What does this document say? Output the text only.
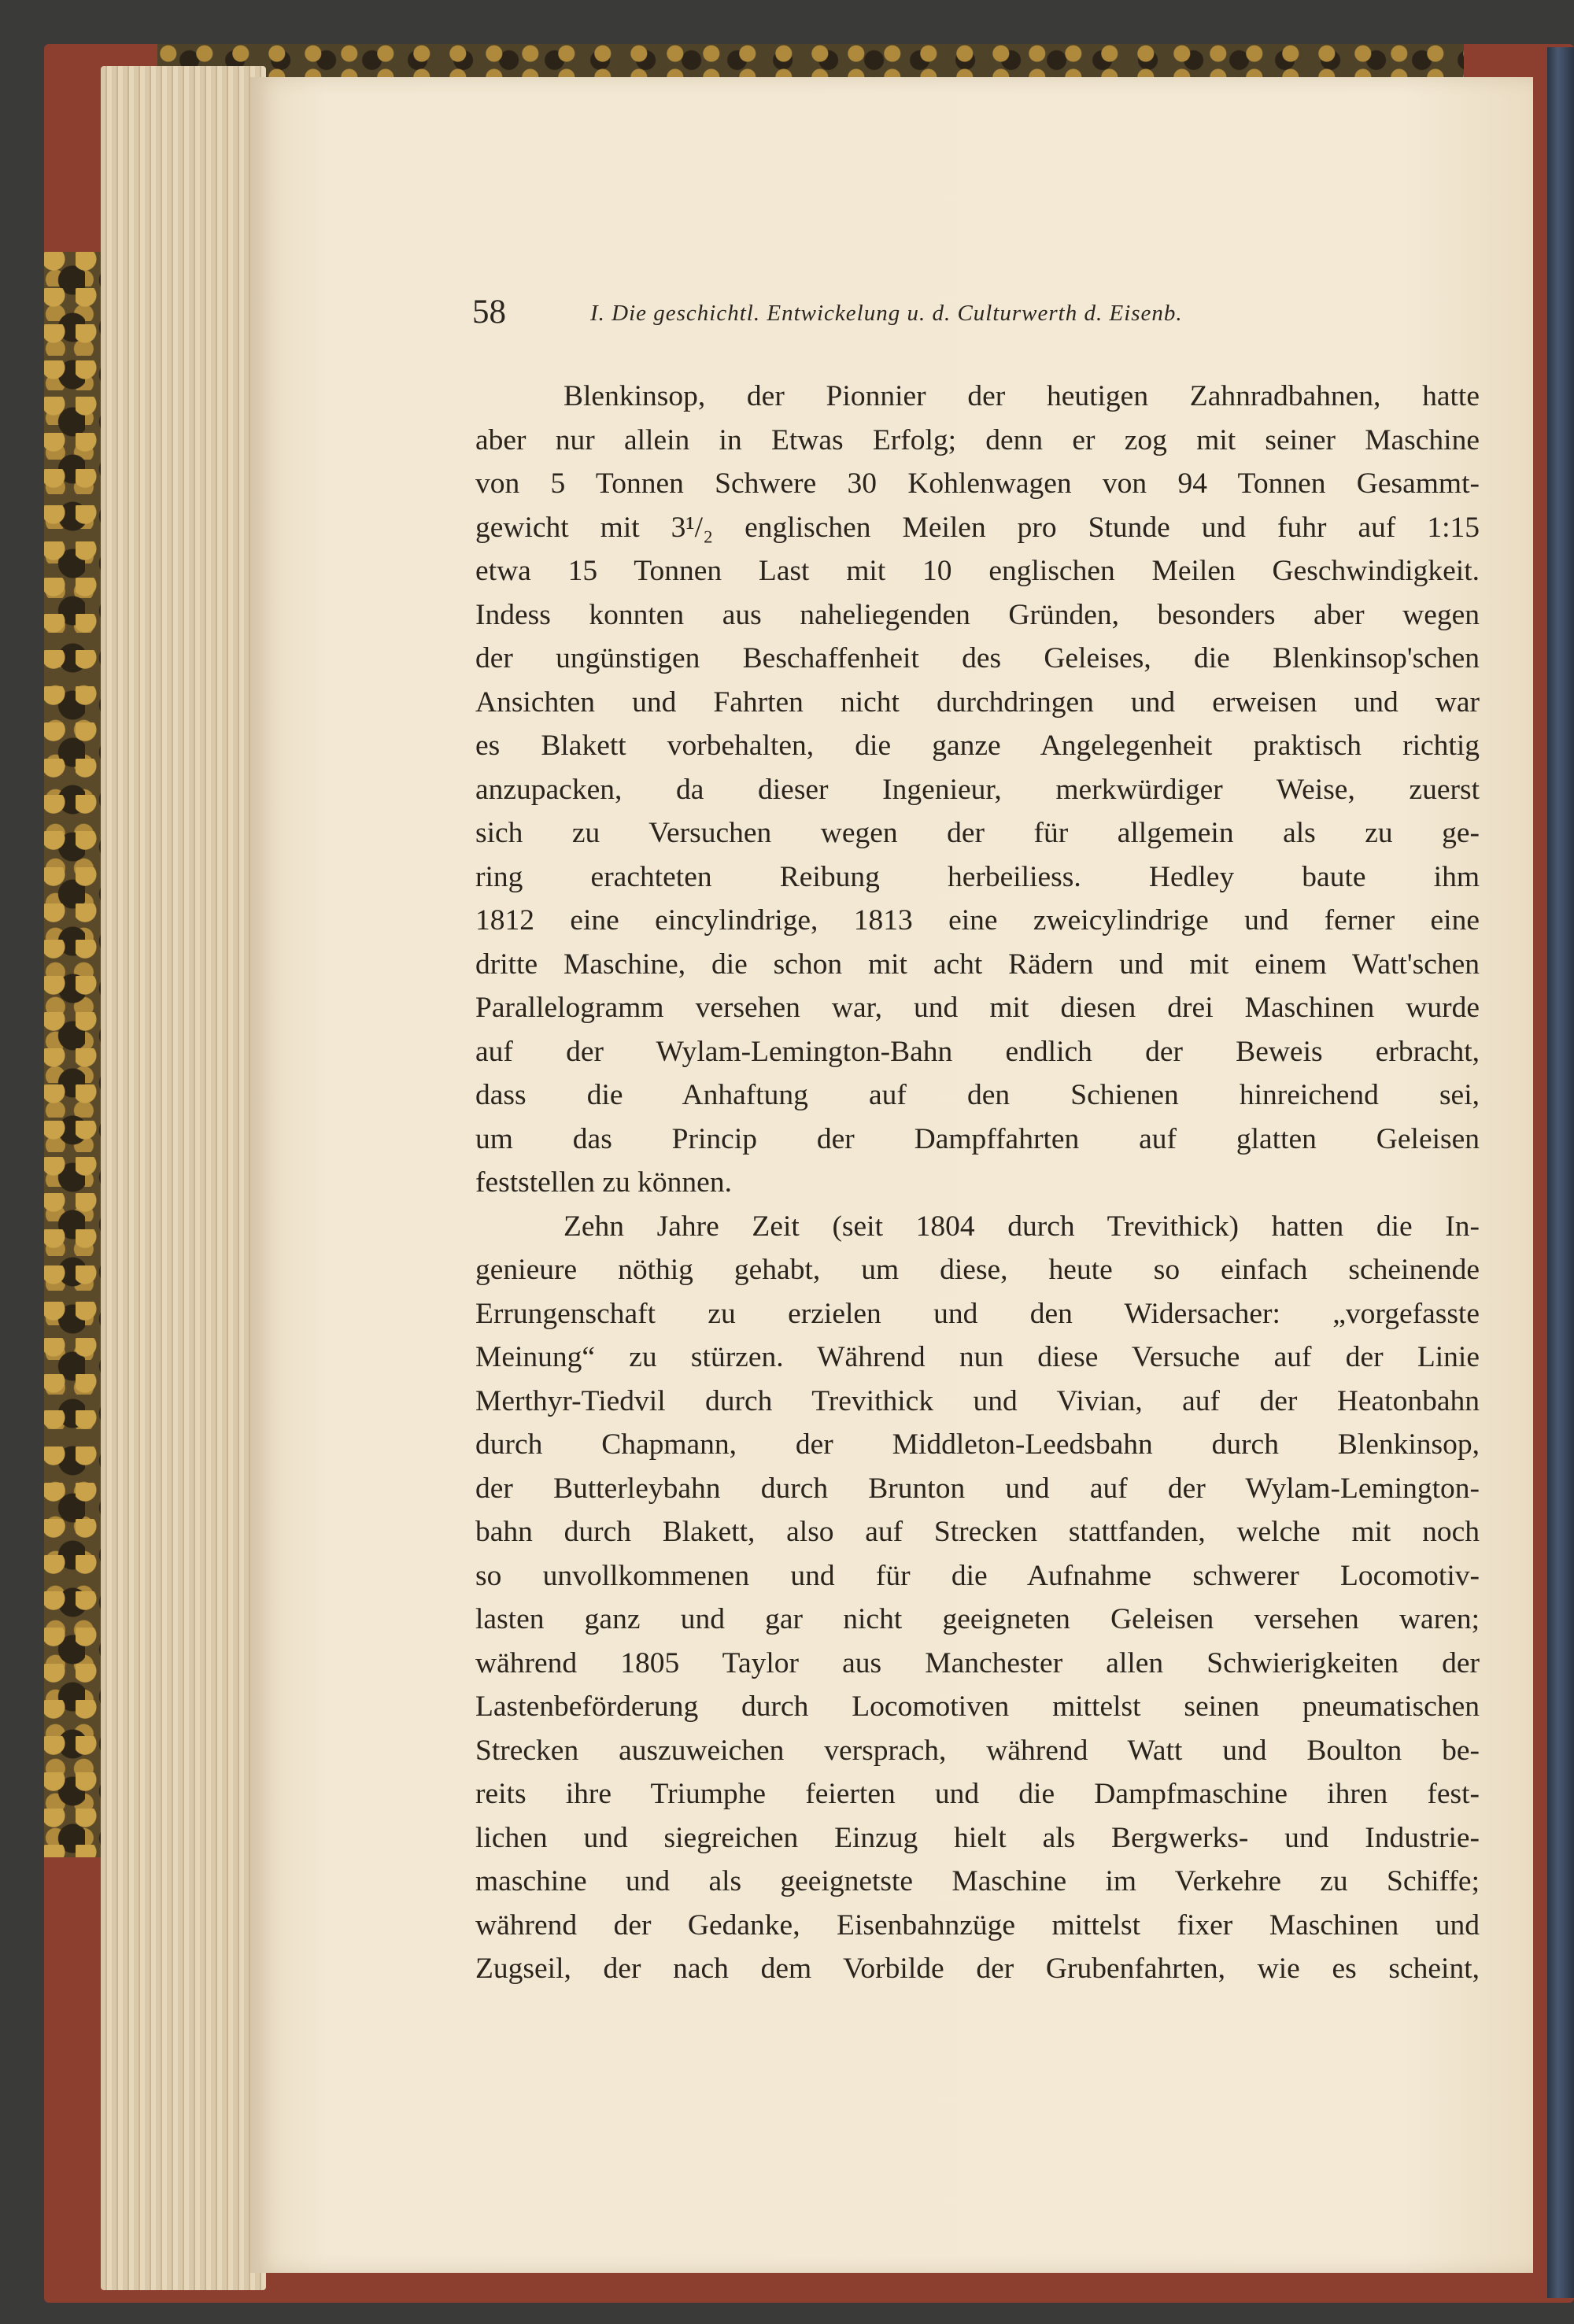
58	I. Die geschichtl. Entwickelung u. d. Culturwerth d. Eisenb.
Blenkinsop, der Pionnier der heutigen Zahnradbahnen, hatte
aber nur allein in Etwas Erfolg; denn er zog mit seiner Maschine
von 5 Tonnen Schwere 30 Kohlenwagen von 94 Tonnen Gesammt-
gewicht mit 3¹/₂ englischen Meilen pro Stunde und fuhr auf 1:15
etwa 15 Tonnen Last mit 10 englischen Meilen Geschwindigkeit.
Indess konnten aus naheliegenden Gründen, besonders aber wegen
der ungünstigen Beschaffenheit des Geleises, die Blenkinsop'schen
Ansichten und Fahrten nicht durchdringen und erweisen und war
es Blakett vorbehalten, die ganze Angelegenheit praktisch richtig
anzupacken, da dieser Ingenieur, merkwürdiger Weise, zuerst
sich zu Versuchen wegen der für allgemein als zu ge-
ring erachteten Reibung herbeiliess. Hedley baute ihm
1812 eine eincylindrige, 1813 eine zweicylindrige und ferner eine
dritte Maschine, die schon mit acht Rädern und mit einem Watt'schen
Parallelogramm versehen war, und mit diesen drei Maschinen wurde
auf der Wylam-Lemington-Bahn endlich der Beweis erbracht,
dass die Anhaftung auf den Schienen hinreichend sei,
um das Princip der Dampffahrten auf glatten Geleisen
feststellen zu können.
Zehn Jahre Zeit (seit 1804 durch Trevithick) hatten die In-
genieure nöthig gehabt, um diese, heute so einfach scheinende
Errungenschaft zu erzielen und den Widersacher: „vorgefasste
Meinung“ zu stürzen. Während nun diese Versuche auf der Linie
Merthyr-Tiedvil durch Trevithick und Vivian, auf der Heatonbahn
durch Chapmann, der Middleton-Leedsbahn durch Blenkinsop,
der Butterleybahn durch Brunton und auf der Wylam-Lemington-
bahn durch Blakett, also auf Strecken stattfanden, welche mit noch
so unvollkommenen und für die Aufnahme schwerer Locomotiv-
lasten ganz und gar nicht geeigneten Geleisen versehen waren;
während 1805 Taylor aus Manchester allen Schwierigkeiten der
Lastenbeförderung durch Locomotiven mittelst seinen pneumatischen
Strecken auszuweichen versprach, während Watt und Boulton be-
reits ihre Triumphe feierten und die Dampfmaschine ihren fest-
lichen und siegreichen Einzug hielt als Bergwerks- und Industrie-
maschine und als geeignetste Maschine im Verkehre zu Schiffe;
während der Gedanke, Eisenbahnzüge mittelst fixer Maschinen und
Zugseil, der nach dem Vorbilde der Grubenfahrten, wie es scheint,
